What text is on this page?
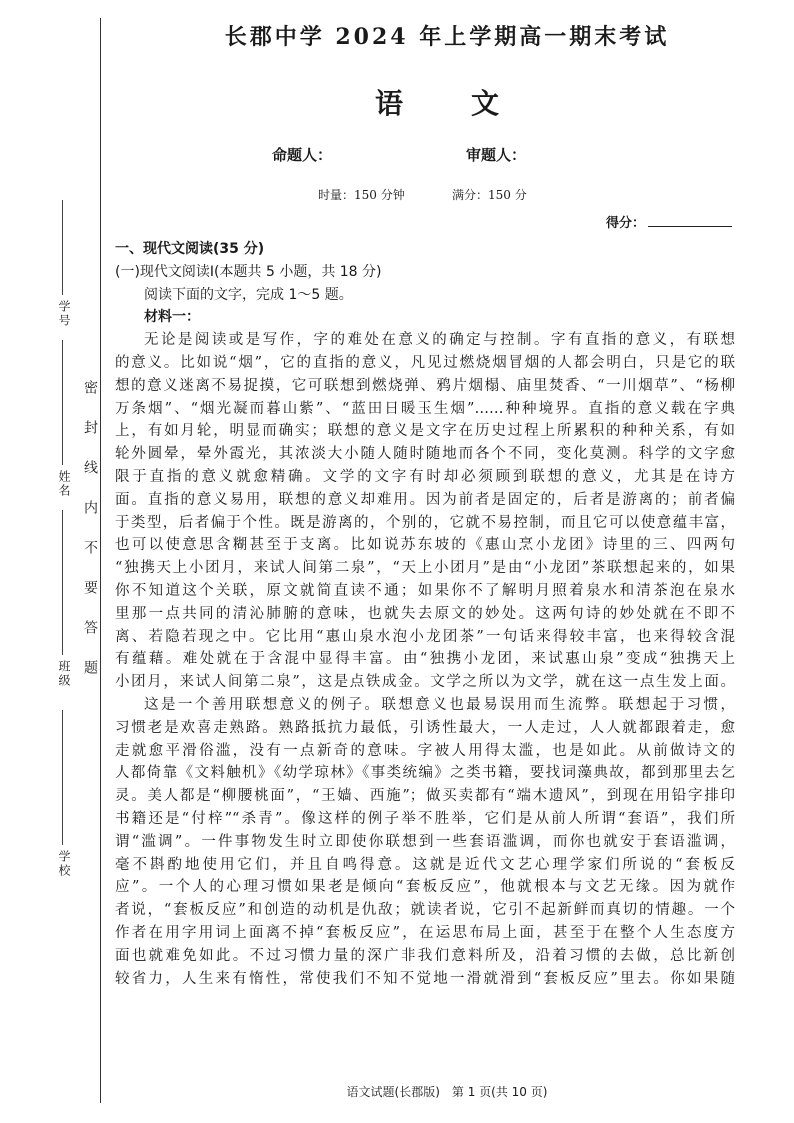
密　封　线　内　不　要　答　题
学号
姓名
班级
学校
长郡中学 2024 年上学期高一期末考试
语　文
命题人：	审题人：
时量：150 分钟	满分：150 分
得分：
一、现代文阅读(35 分)
(一)现代文阅读Ⅰ(本题共 5 小题，共 18 分)
阅读下面的文字，完成 1～5 题。
材料一：
无论是阅读或是写作，字的难处在意义的确定与控制。字有直指的意义，有联想
的意义。比如说“烟”，它的直指的意义，凡见过燃烧烟冒烟的人都会明白，只是它的联
想的意义迷离不易捉摸，它可联想到燃烧弹、鸦片烟榻、庙里焚香、“一川烟草”、“杨柳
万条烟”、“烟光凝而暮山紫”、“蓝田日暖玉生烟”……种种境界。直指的意义载在字典
上，有如月轮，明显而确实；联想的意义是文字在历史过程上所累积的种种关系，有如
轮外圆晕，晕外霞光，其浓淡大小随人随时随地而各个不同，变化莫测。科学的文字愈
限于直指的意义就愈精确。文学的文字有时却必须顾到联想的意义，尤其是在诗方
面。直指的意义易用，联想的意义却难用。因为前者是固定的，后者是游离的；前者偏
于类型，后者偏于个性。既是游离的，个别的，它就不易控制，而且它可以使意蕴丰富，
也可以使意思含糊甚至于支离。比如说苏东坡的《惠山烹小龙团》诗里的三、四两句
“独携天上小团月，来试人间第二泉”，“天上小团月”是由“小龙团”茶联想起来的，如果
你不知道这个关联，原文就简直读不通；如果你不了解明月照着泉水和清茶泡在泉水
里那一点共同的清沁肺腑的意味，也就失去原文的妙处。这两句诗的妙处就在不即不
离、若隐若现之中。它比用“惠山泉水泡小龙团茶”一句话来得较丰富，也来得较含混
有蕴藉。难处就在于含混中显得丰富。由“独携小龙团，来试惠山泉”变成“独携天上
小团月，来试人间第二泉”，这是点铁成金。文学之所以为文学，就在这一点生发上面。
这是一个善用联想意义的例子。联想意义也最易误用而生流弊。联想起于习惯，
习惯老是欢喜走熟路。熟路抵抗力最低，引诱性最大，一人走过，人人就都跟着走，愈
走就愈平滑俗滥，没有一点新奇的意味。字被人用得太滥，也是如此。从前做诗文的
人都倚靠《文料触机》《幼学琼林》《事类统编》之类书籍，要找词藻典故，都到那里去乞
灵。美人都是“柳腰桃面”，“王嫱、西施”；做买卖都有“端木遗风”，到现在用铅字排印
书籍还是“付梓”“杀青”。像这样的例子举不胜举，它们是从前人所谓“套语”，我们所
谓“滥调”。一件事物发生时立即使你联想到一些套语滥调，而你也就安于套语滥调，
毫不斟酌地使用它们，并且自鸣得意。这就是近代文艺心理学家们所说的“套板反
应”。一个人的心理习惯如果老是倾向“套板反应”，他就根本与文艺无缘。因为就作
者说，“套板反应”和创造的动机是仇敌；就读者说，它引不起新鲜而真切的情趣。一个
作者在用字用词上面离不掉“套板反应”，在运思布局上面，甚至于在整个人生态度方
面也就难免如此。不过习惯力量的深广非我们意料所及，沿着习惯的去做，总比新创
较省力，人生来有惰性，常使我们不知不觉地一滑就滑到“套板反应”里去。你如果随
语文试题(长郡版)　第 1 页(共 10 页)
